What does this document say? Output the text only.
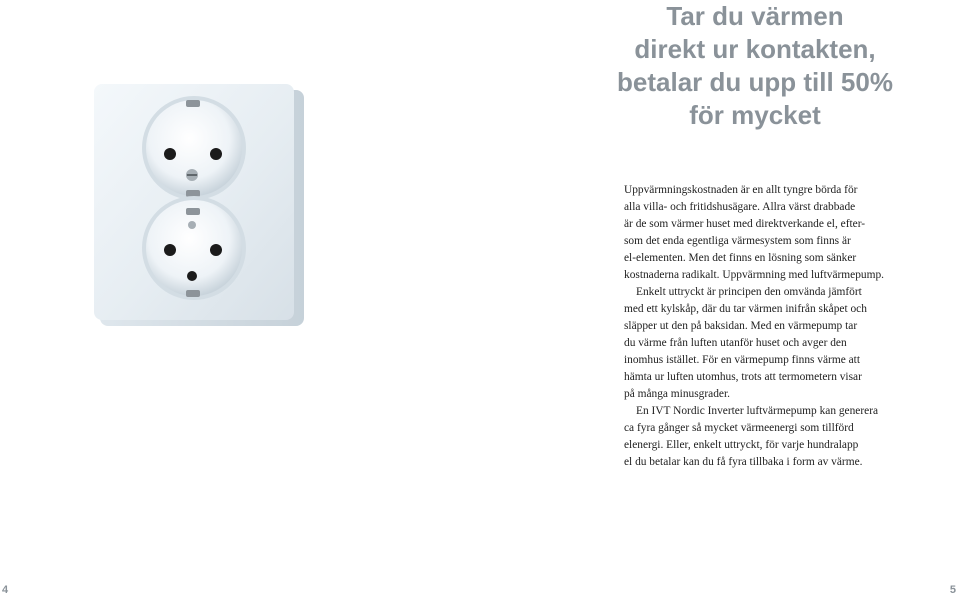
Tar du värmen
direkt ur kontakten,
betalar du upp till 50%
för mycket

Uppvärmningskostnaden är en allt tyngre börda för
alla villa- och fritidshusägare. Allra värst drabbade
är de som värmer huset med direktverkande el, efter-
som det enda egentliga värmesystem som finns är
el-elementen. Men det finns en lösning som sänker
kostnaderna radikalt. Uppvärmning med luftvärmepump.

Enkelt uttryckt är principen den omvända jämfört
med ett kylskåp, där du tar värmen inifrån skåpet och
släpper ut den på baksidan. Med en värmepump tar
du värme från luften utanför huset och avger den
inomhus istället. För en värmepump finns värme att
hämta ur luften utomhus, trots att termometern visar
på många minusgrader.

En IVT Nordic Inverter luftvärmepump kan generera
ca fyra gånger så mycket värmeenergi som tillförd
elenergi. Eller, enkelt uttryckt, för varje hundralapp
el du betalar kan du få fyra tillbaka i form av värme.

4	5
